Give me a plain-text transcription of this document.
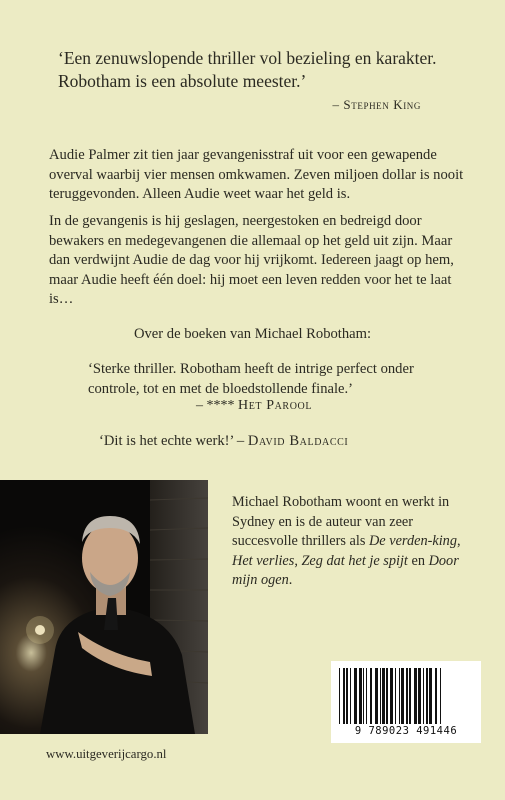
‘Een zenuwslopende thriller vol bezieling en karakter.
Robotham is een absolute meester.’
– Stephen King

Audie Palmer zit tien jaar gevangenisstraf uit voor een gewapende overval waarbij vier mensen omkwamen. Zeven miljoen dollar is nooit teruggevonden. Alleen Audie weet waar het geld is.

In de gevangenis is hij geslagen, neergestoken en bedreigd door bewakers en medegevangenen die allemaal op het geld uit zijn. Maar dan verdwijnt Audie de dag voor hij vrijkomt. Iedereen jaagt op hem, maar Audie heeft één doel: hij moet een leven redden voor het te laat is…

Over de boeken van Michael Robotham:

‘Sterke thriller. Robotham heeft de intrige perfect onder controle, tot en met de bloedstollende finale.’

– **** Het Parool
‘Dit is het echte werk!’ – David Baldacci

Michael Robotham woont en werkt in Sydney en is de auteur van zeer succesvolle thrillers als De verden-king, Het verlies, Zeg dat het je spijt en Door mijn ogen.

www.uitgeverijcargo.nl
9 789023 491446
